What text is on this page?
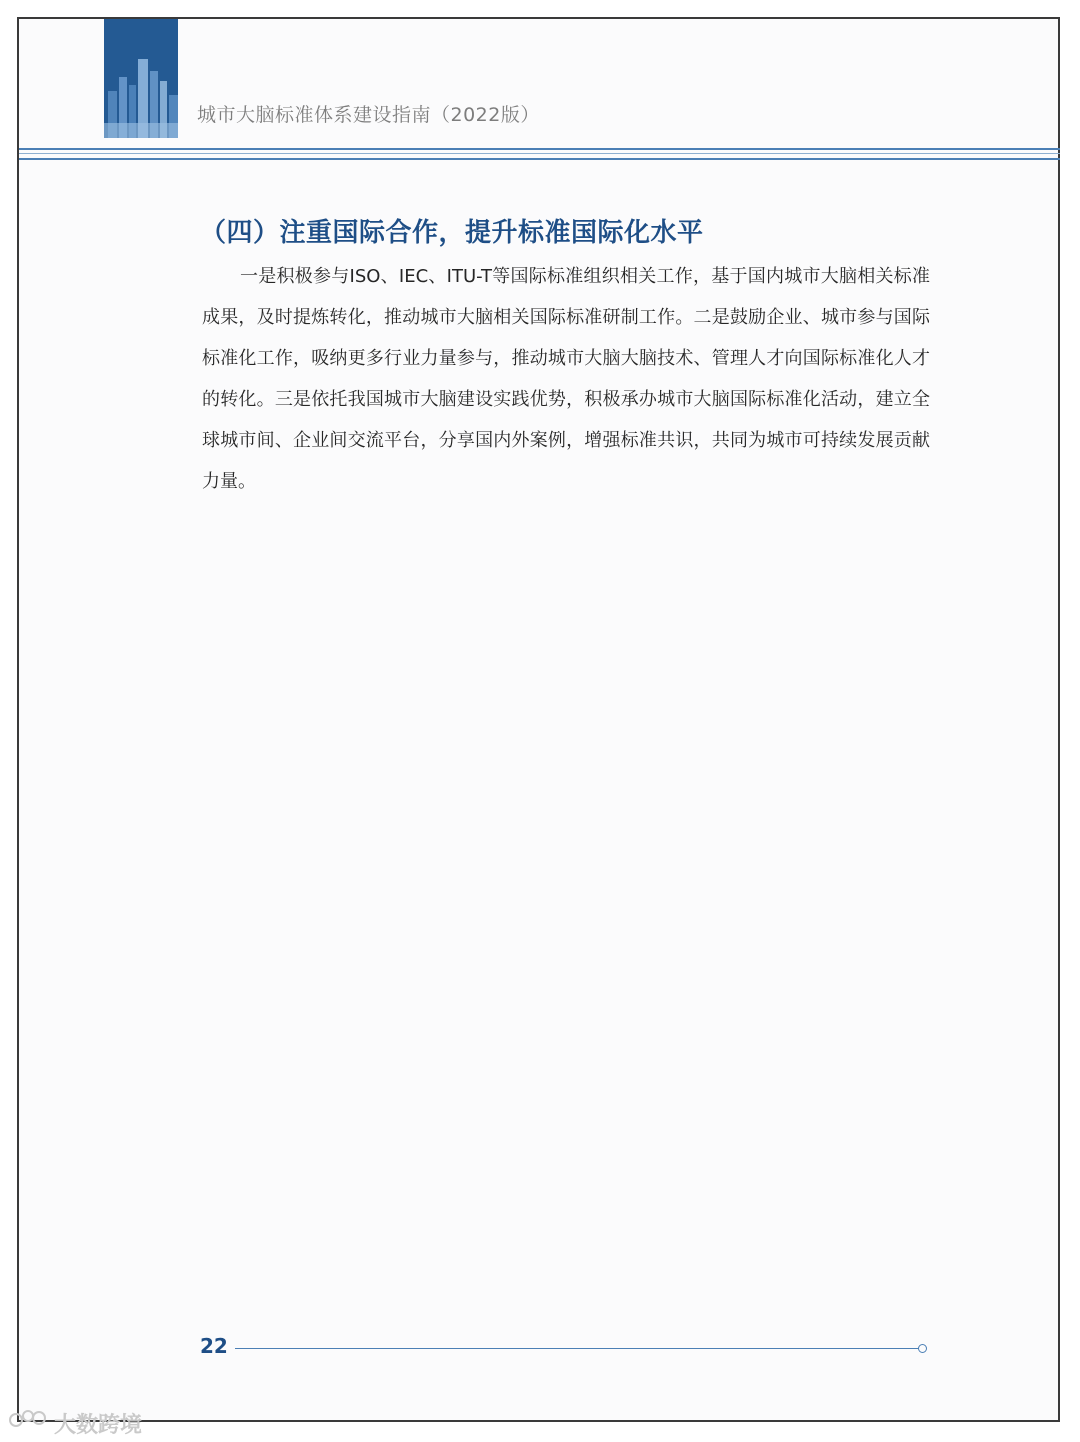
城市大脑标准体系建设指南（2022版）
（四）注重国际合作，提升标准国际化水平

一是积极参与ISO、IEC、ITU-T等国际标准组织相关工作，基于国内城市大脑相关标准成果，及时提炼转化，推动城市大脑相关国际标准研制工作。二是鼓励企业、城市参与国际标准化工作，吸纳更多行业力量参与，推动城市大脑大脑技术、管理人才向国际标准化人才的转化。三是依托我国城市大脑建设实践优势，积极承办城市大脑国际标准化活动，建立全球城市间、企业间交流平台，分享国内外案例，增强标准共识，共同为城市可持续发展贡献力量。

22
大数跨境
